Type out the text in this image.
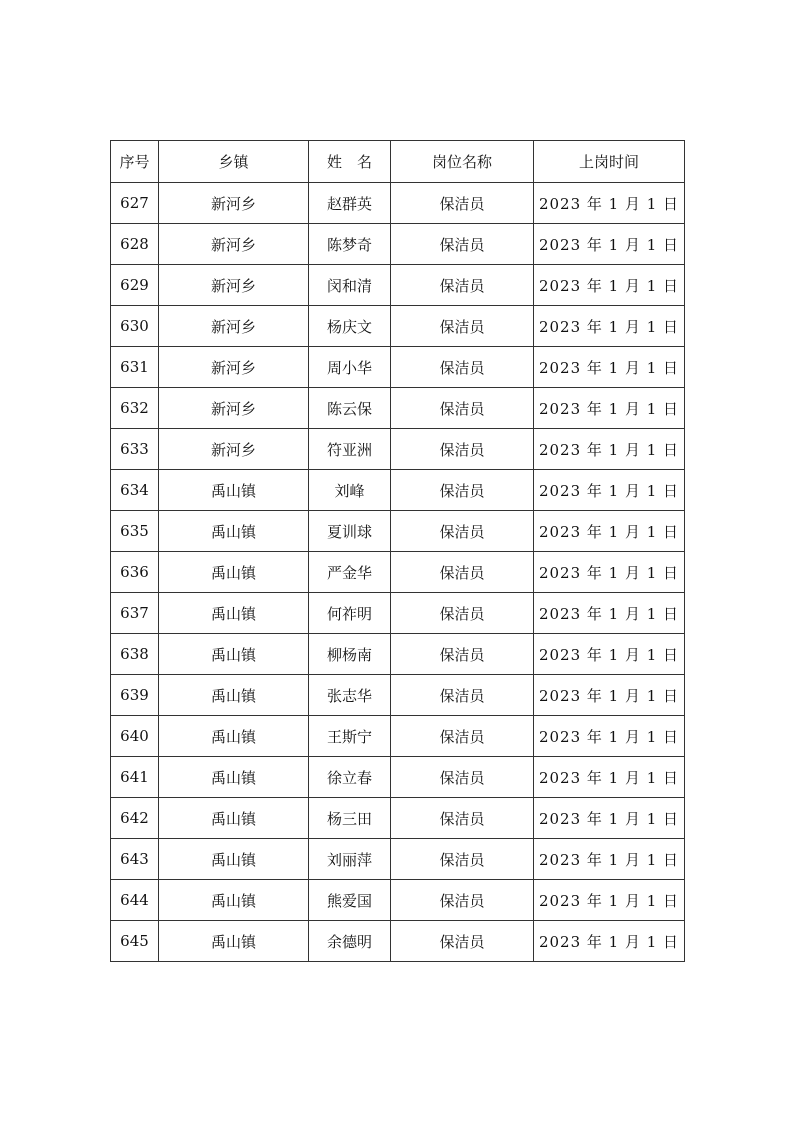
序号	乡镇	姓　名	岗位名称	上岗时间
627	新河乡	赵群英	保洁员	2023 年 1 月 1 日
628	新河乡	陈梦奇	保洁员	2023 年 1 月 1 日
629	新河乡	闵和清	保洁员	2023 年 1 月 1 日
630	新河乡	杨庆文	保洁员	2023 年 1 月 1 日
631	新河乡	周小华	保洁员	2023 年 1 月 1 日
632	新河乡	陈云保	保洁员	2023 年 1 月 1 日
633	新河乡	符亚洲	保洁员	2023 年 1 月 1 日
634	禹山镇	刘峰	保洁员	2023 年 1 月 1 日
635	禹山镇	夏训球	保洁员	2023 年 1 月 1 日
636	禹山镇	严金华	保洁员	2023 年 1 月 1 日
637	禹山镇	何祚明	保洁员	2023 年 1 月 1 日
638	禹山镇	柳杨南	保洁员	2023 年 1 月 1 日
639	禹山镇	张志华	保洁员	2023 年 1 月 1 日
640	禹山镇	王斯宁	保洁员	2023 年 1 月 1 日
641	禹山镇	徐立春	保洁员	2023 年 1 月 1 日
642	禹山镇	杨三田	保洁员	2023 年 1 月 1 日
643	禹山镇	刘丽萍	保洁员	2023 年 1 月 1 日
644	禹山镇	熊爱国	保洁员	2023 年 1 月 1 日
645	禹山镇	余德明	保洁员	2023 年 1 月 1 日
